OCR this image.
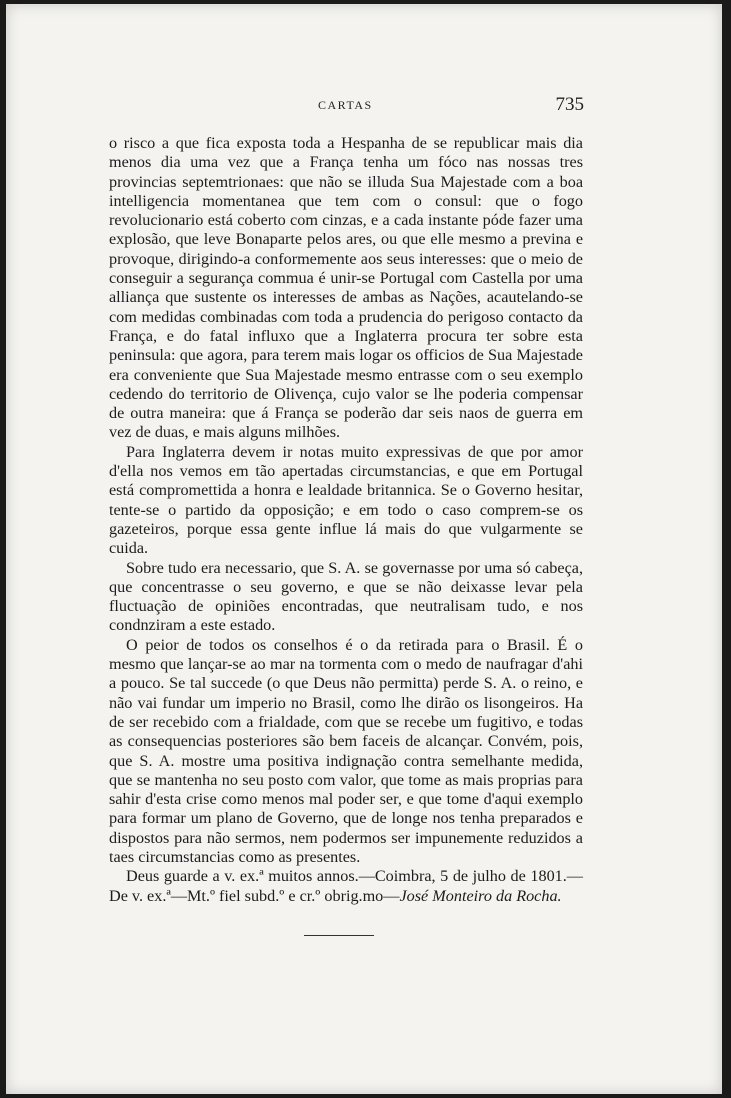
CARTAS	735

o risco a que fica exposta toda a Hespanha de se republicar mais dia menos dia uma vez que a França tenha um fóco nas nossas tres provincias septemtrionaes: que não se illuda Sua Majestade com a boa intelligencia momentanea que tem com o consul: que o fogo revolucionario está coberto com cinzas, e a cada instante póde fazer uma explosão, que leve Bonaparte pelos ares, ou que elle mesmo a previna e provoque, dirigindo-a conformemente aos seus interesses: que o meio de conseguir a segurança commua é unir-se Portugal com Castella por uma alliança que sustente os interesses de ambas as Nações, acautelando-se com medidas combinadas com toda a prudencia do perigoso contacto da França, e do fatal influxo que a Inglaterra procura ter sobre esta peninsula: que agora, para terem mais logar os officios de Sua Majestade era conveniente que Sua Majestade mesmo entrasse com o seu exemplo cedendo do territorio de Olivença, cujo valor se lhe poderia compensar de outra maneira: que á França se poderão dar seis naos de guerra em vez de duas, e mais alguns milhões.

Para Inglaterra devem ir notas muito expressivas de que por amor d'ella nos vemos em tão apertadas circumstancias, e que em Portugal está compromettida a honra e lealdade britannica. Se o Governo hesitar, tente-se o partido da opposição; e em todo o caso comprem-se os gazeteiros, porque essa gente influe lá mais do que vulgarmente se cuida.

Sobre tudo era necessario, que S. A. se governasse por uma só cabeça, que concentrasse o seu governo, e que se não deixasse levar pela fluctuação de opiniões encontradas, que neutralisam tudo, e nos condnziram a este estado.

O peior de todos os conselhos é o da retirada para o Brasil. É o mesmo que lançar-se ao mar na tormenta com o medo de naufragar d'ahi a pouco. Se tal succede (o que Deus não permitta) perde S. A. o reino, e não vai fundar um imperio no Brasil, como lhe dirão os lisongeiros. Ha de ser recebido com a frialdade, com que se recebe um fugitivo, e todas as consequencias posteriores são bem faceis de alcançar. Convém, pois, que S. A. mostre uma positiva indignação contra semelhante medida, que se mantenha no seu posto com valor, que tome as mais proprias para sahir d'esta crise como menos mal poder ser, e que tome d'aqui exemplo para formar um plano de Governo, que de longe nos tenha preparados e dispostos para não sermos, nem podermos ser impunemente reduzidos a taes circumstancias como as presentes.

Deus guarde a v. ex.ª muitos annos.—Coimbra, 5 de julho de 1801.—De v. ex.ª—Mt.º fiel subd.º e cr.º obrig.mo—José Monteiro da Rocha.
